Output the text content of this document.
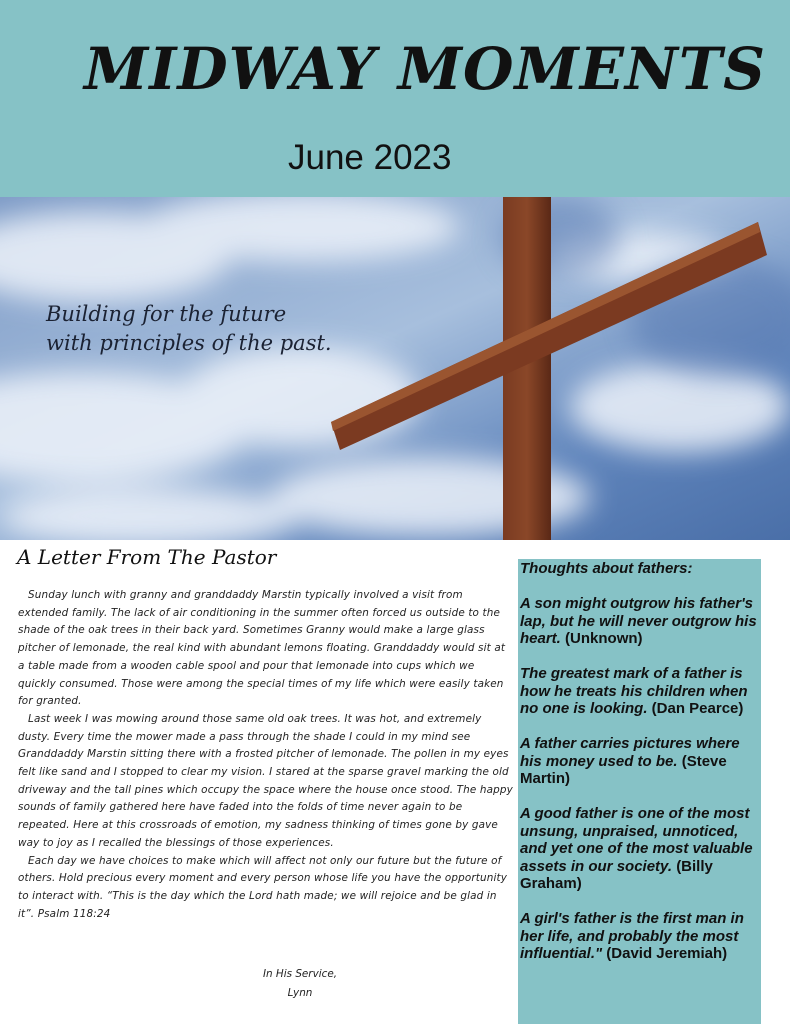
MIDWAY MOMENTS
June 2023
Building for the future
with principles of the past.
A Letter From The Pastor

Sunday lunch with granny and granddaddy Marstin typically involved a visit from extended family. The lack of air conditioning in the summer often forced us outside to the shade of the oak trees in their back yard. Sometimes Granny would make a large glass pitcher of lemonade, the real kind with abundant lemons floating. Granddaddy would sit at a table made from a wooden cable spool and pour that lemonade into cups which we quickly consumed. Those were among the special times of my life which were easily taken for granted.

Last week I was mowing around those same old oak trees. It was hot, and extremely dusty. Every time the mower made a pass through the shade I could in my mind see Granddaddy Marstin sitting there with a frosted pitcher of lemonade. The pollen in my eyes felt like sand and I stopped to clear my vision. I stared at the sparse gravel marking the old driveway and the tall pines which occupy the space where the house once stood. The happy sounds of family gathered here have faded into the folds of time never again to be repeated. Here at this crossroads of emotion, my sadness thinking of times gone by gave way to joy as I recalled the blessings of those experiences.

Each day we have choices to make which will affect not only our future but the future of others. Hold precious every moment and every person whose life you have the opportunity to interact with. “This is the day which the Lord hath made; we will rejoice and be glad in it”. Psalm 118:24

In His Service,
Lynn
Thoughts about fathers:
A son might outgrow his father's lap, but he will never outgrow his heart. (Unknown)
The greatest mark of a father is how he treats his children when no one is looking. (Dan Pearce)
A father carries pictures where his money used to be. (Steve Martin)
A good father is one of the most unsung, unpraised, unnoticed, and yet one of the most valuable assets in our society. (Billy Graham)
A girl's father is the first man in her life, and probably the most influential." (David Jeremiah)
